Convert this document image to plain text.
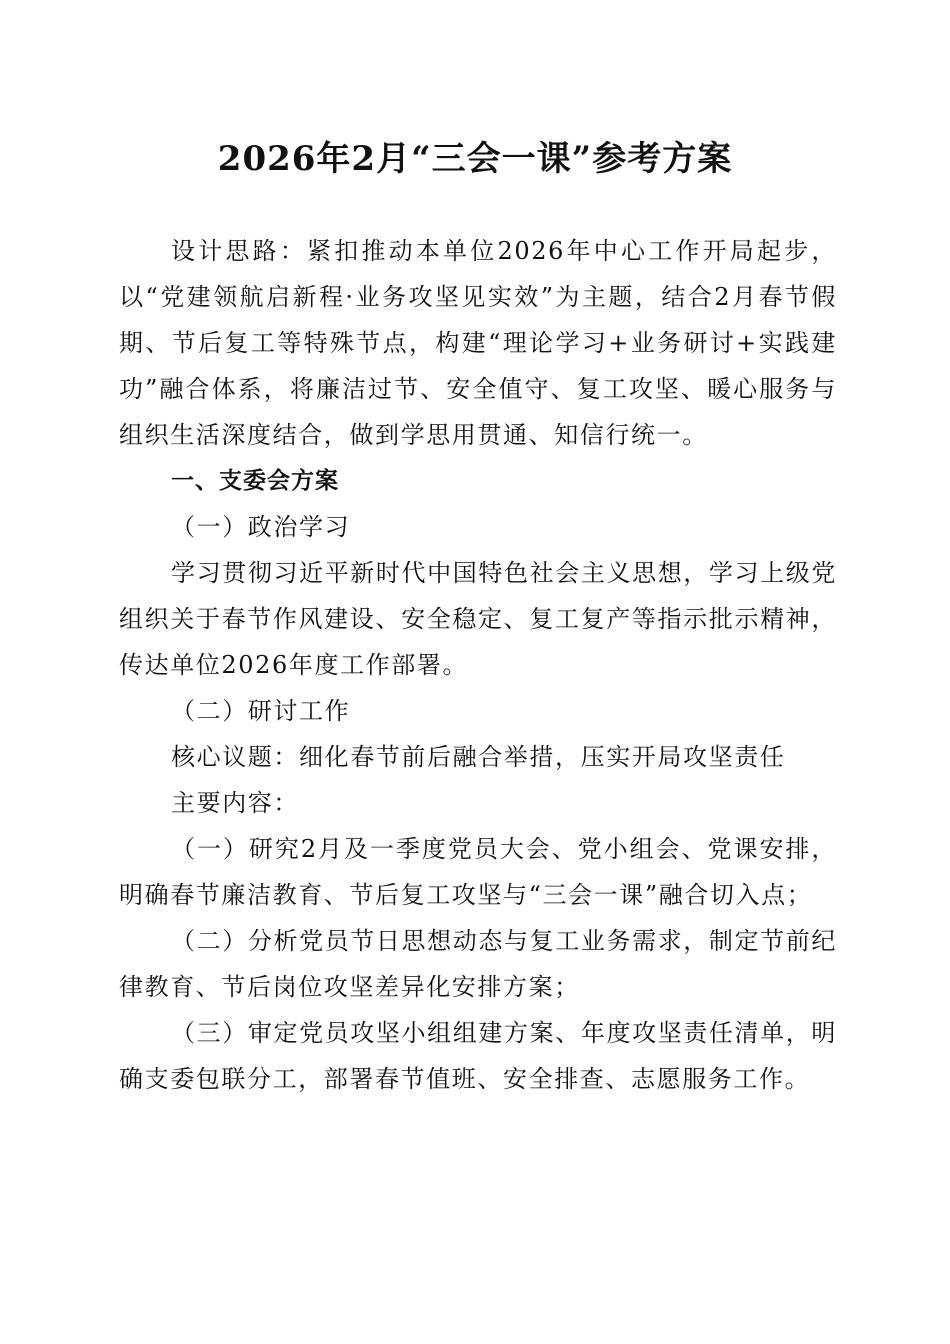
2026年2月“三会一课”参考方案

设计思路：紧扣推动本单位2026年中心工作开局起步，以“党建领航启新程·业务攻坚见实效”为主题，结合2月春节假期、节后复工等特殊节点，构建“理论学习+业务研讨+实践建功”融合体系，将廉洁过节、安全值守、复工攻坚、暖心服务与组织生活深度结合，做到学思用贯通、知信行统一。

一、支委会方案

（一）政治学习

学习贯彻习近平新时代中国特色社会主义思想，学习上级党组织关于春节作风建设、安全稳定、复工复产等指示批示精神，传达单位2026年度工作部署。

（二）研讨工作

核心议题：细化春节前后融合举措，压实开局攻坚责任

主要内容：

（一）研究2月及一季度党员大会、党小组会、党课安排，明确春节廉洁教育、节后复工攻坚与“三会一课”融合切入点；

（二）分析党员节日思想动态与复工业务需求，制定节前纪律教育、节后岗位攻坚差异化安排方案；

（三）审定党员攻坚小组组建方案、年度攻坚责任清单，明确支委包联分工，部署春节值班、安全排查、志愿服务工作。
